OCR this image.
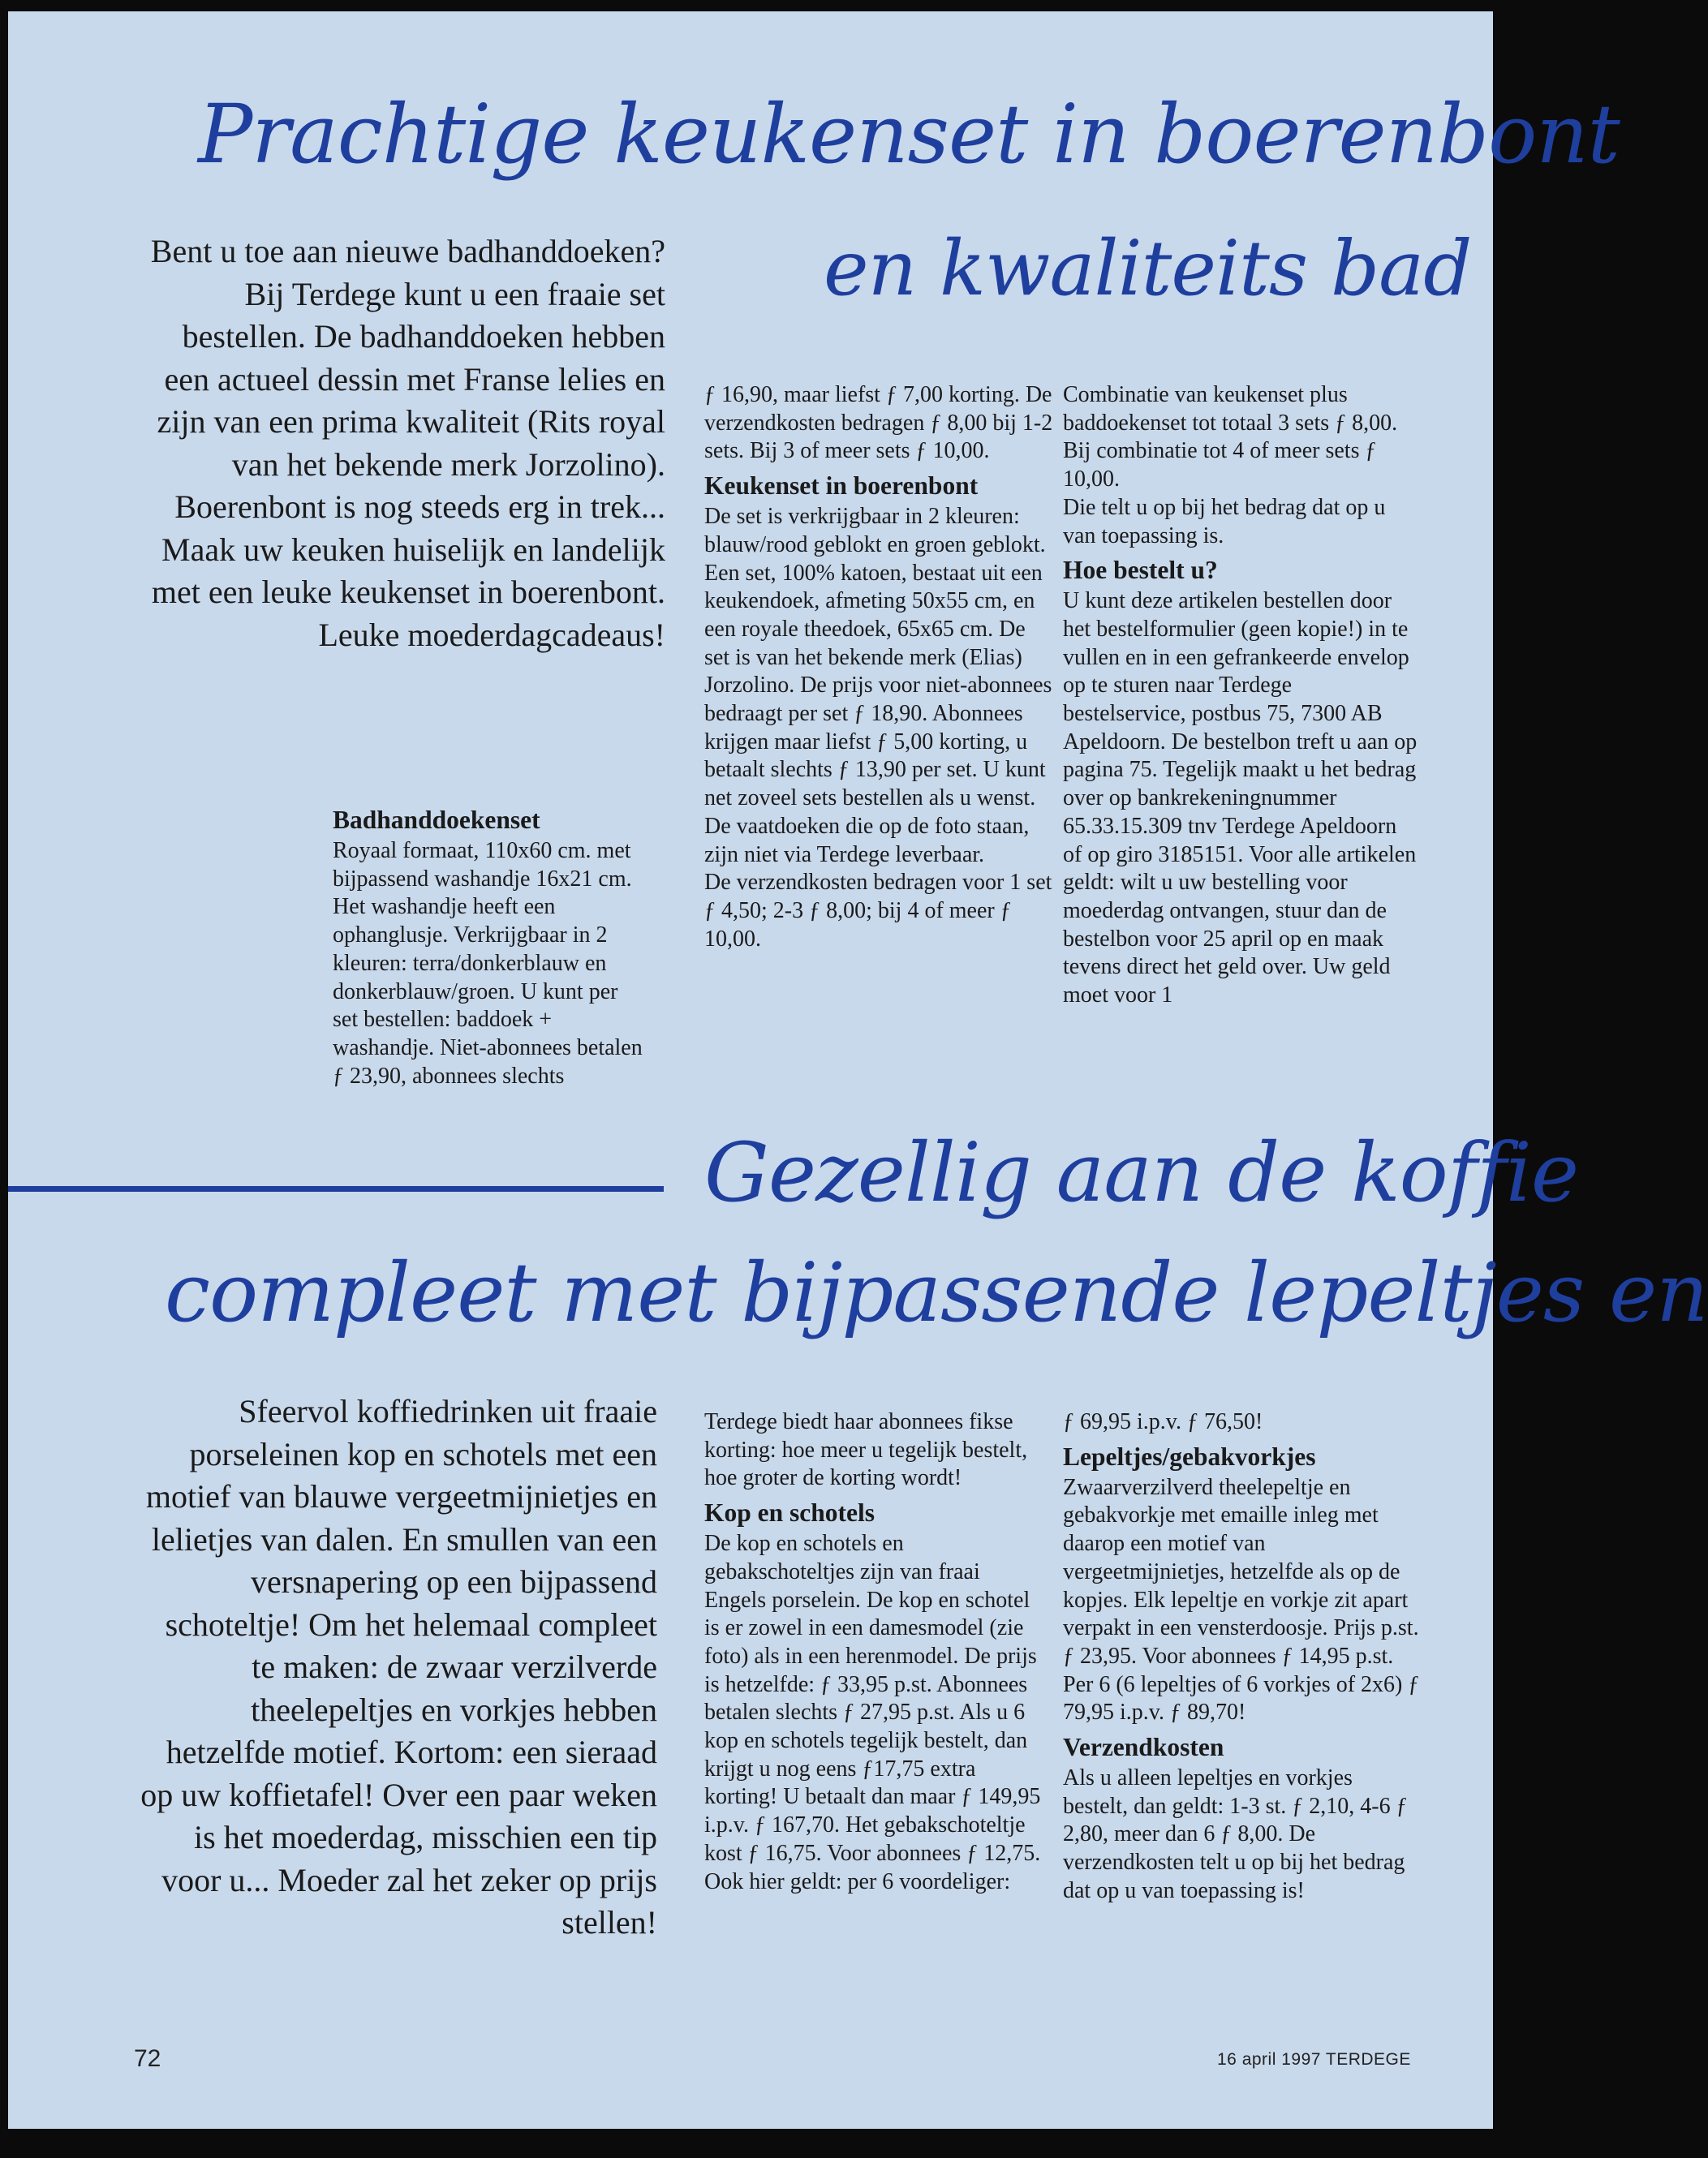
Prachtige keukenset in boerenbont
en kwaliteits bad

Bent u toe aan nieuwe badhanddoeken? Bij Terdege kunt u een fraaie set bestellen. De badhanddoeken hebben een actueel dessin met Franse lelies en zijn van een prima kwaliteit (Rits royal van het bekende merk Jorzolino). Boerenbont is nog steeds erg in trek... Maak uw keuken huiselijk en landelijk met een leuke keukenset in boerenbont. Leuke moederdagcadeaus!

Badhanddoekenset

Royaal formaat, 110x60 cm. met bijpassend washandje 16x21 cm. Het washandje heeft een ophanglusje. Verkrijgbaar in 2 kleuren: terra/donkerblauw en donkerblauw/groen. U kunt per set bestellen: baddoek + washandje. Niet-abonnees betalen ƒ 23,90, abonnees slechts

ƒ 16,90, maar liefst ƒ 7,00 korting. De verzendkosten bedragen ƒ 8,00 bij 1-2 sets. Bij 3 of meer sets ƒ 10,00.

Keukenset in boerenbont

De set is verkrijgbaar in 2 kleuren: blauw/rood geblokt en groen geblokt. Een set, 100% katoen, bestaat uit een keukendoek, afmeting 50x55 cm, en een royale theedoek, 65x65 cm. De set is van het bekende merk (Elias) Jorzolino. De prijs voor niet-abonnees bedraagt per set ƒ 18,90. Abonnees krijgen maar liefst ƒ 5,00 korting, u betaalt slechts ƒ 13,90 per set. U kunt net zoveel sets bestellen als u wenst. De vaatdoeken die op de foto staan, zijn niet via Terdege leverbaar.

De verzendkosten bedragen voor 1 set ƒ 4,50; 2-3 ƒ 8,00; bij 4 of meer ƒ 10,00.

Combinatie van keukenset plus baddoekenset tot totaal 3 sets ƒ 8,00. Bij combinatie tot 4 of meer sets ƒ 10,00.

Die telt u op bij het bedrag dat op u van toepassing is.

Hoe bestelt u?

U kunt deze artikelen bestellen door het bestelformulier (geen kopie!) in te vullen en in een gefrankeerde envelop op te sturen naar Terdege bestelservice, postbus 75, 7300 AB Apeldoorn. De bestelbon treft u aan op pagina 75. Tegelijk maakt u het bedrag over op bankrekeningnummer 65.33.15.309 tnv Terdege Apeldoorn of op giro 3185151. Voor alle artikelen geldt: wilt u uw bestelling voor moederdag ontvangen, stuur dan de bestelbon voor 25 april op en maak tevens direct het geld over. Uw geld moet voor 1

Gezellig aan de koffie
compleet met bijpassende lepeltjes en

Sfeervol koffiedrinken uit fraaie porseleinen kop en schotels met een motief van blauwe vergeetmijnietjes en lelietjes van dalen. En smullen van een versnapering op een bijpassend schoteltje! Om het helemaal compleet te maken: de zwaar verzilverde theelepeltjes en vorkjes hebben hetzelfde motief. Kortom: een sieraad op uw koffietafel! Over een paar weken is het moederdag, misschien een tip voor u... Moeder zal het zeker op prijs stellen!

Terdege biedt haar abonnees fikse korting: hoe meer u tegelijk bestelt, hoe groter de korting wordt!

Kop en schotels

De kop en schotels en gebakschoteltjes zijn van fraai Engels porselein. De kop en schotel is er zowel in een damesmodel (zie foto) als in een herenmodel. De prijs is hetzelfde: ƒ 33,95 p.st. Abonnees betalen slechts ƒ 27,95 p.st. Als u 6 kop en schotels tegelijk bestelt, dan krijgt u nog eens ƒ17,75 extra korting! U betaalt dan maar ƒ 149,95 i.p.v. ƒ 167,70. Het gebakschoteltje kost ƒ 16,75. Voor abonnees ƒ 12,75. Ook hier geldt: per 6 voordeliger:

ƒ 69,95 i.p.v. ƒ 76,50!

Lepeltjes/gebakvorkjes

Zwaarverzilverd theelepeltje en gebakvorkje met emaille inleg met daarop een motief van vergeetmijnietjes, hetzelfde als op de kopjes. Elk lepeltje en vorkje zit apart verpakt in een vensterdoosje. Prijs p.st. ƒ 23,95. Voor abonnees ƒ 14,95 p.st. Per 6 (6 lepeltjes of 6 vorkjes of 2x6) ƒ 79,95 i.p.v. ƒ 89,70!

Verzendkosten

Als u alleen lepeltjes en vorkjes bestelt, dan geldt: 1-3 st. ƒ 2,10, 4-6 ƒ 2,80, meer dan 6 ƒ 8,00. De verzendkosten telt u op bij het bedrag dat op u van toepassing is!

72	16 april 1997 TERDEGE
